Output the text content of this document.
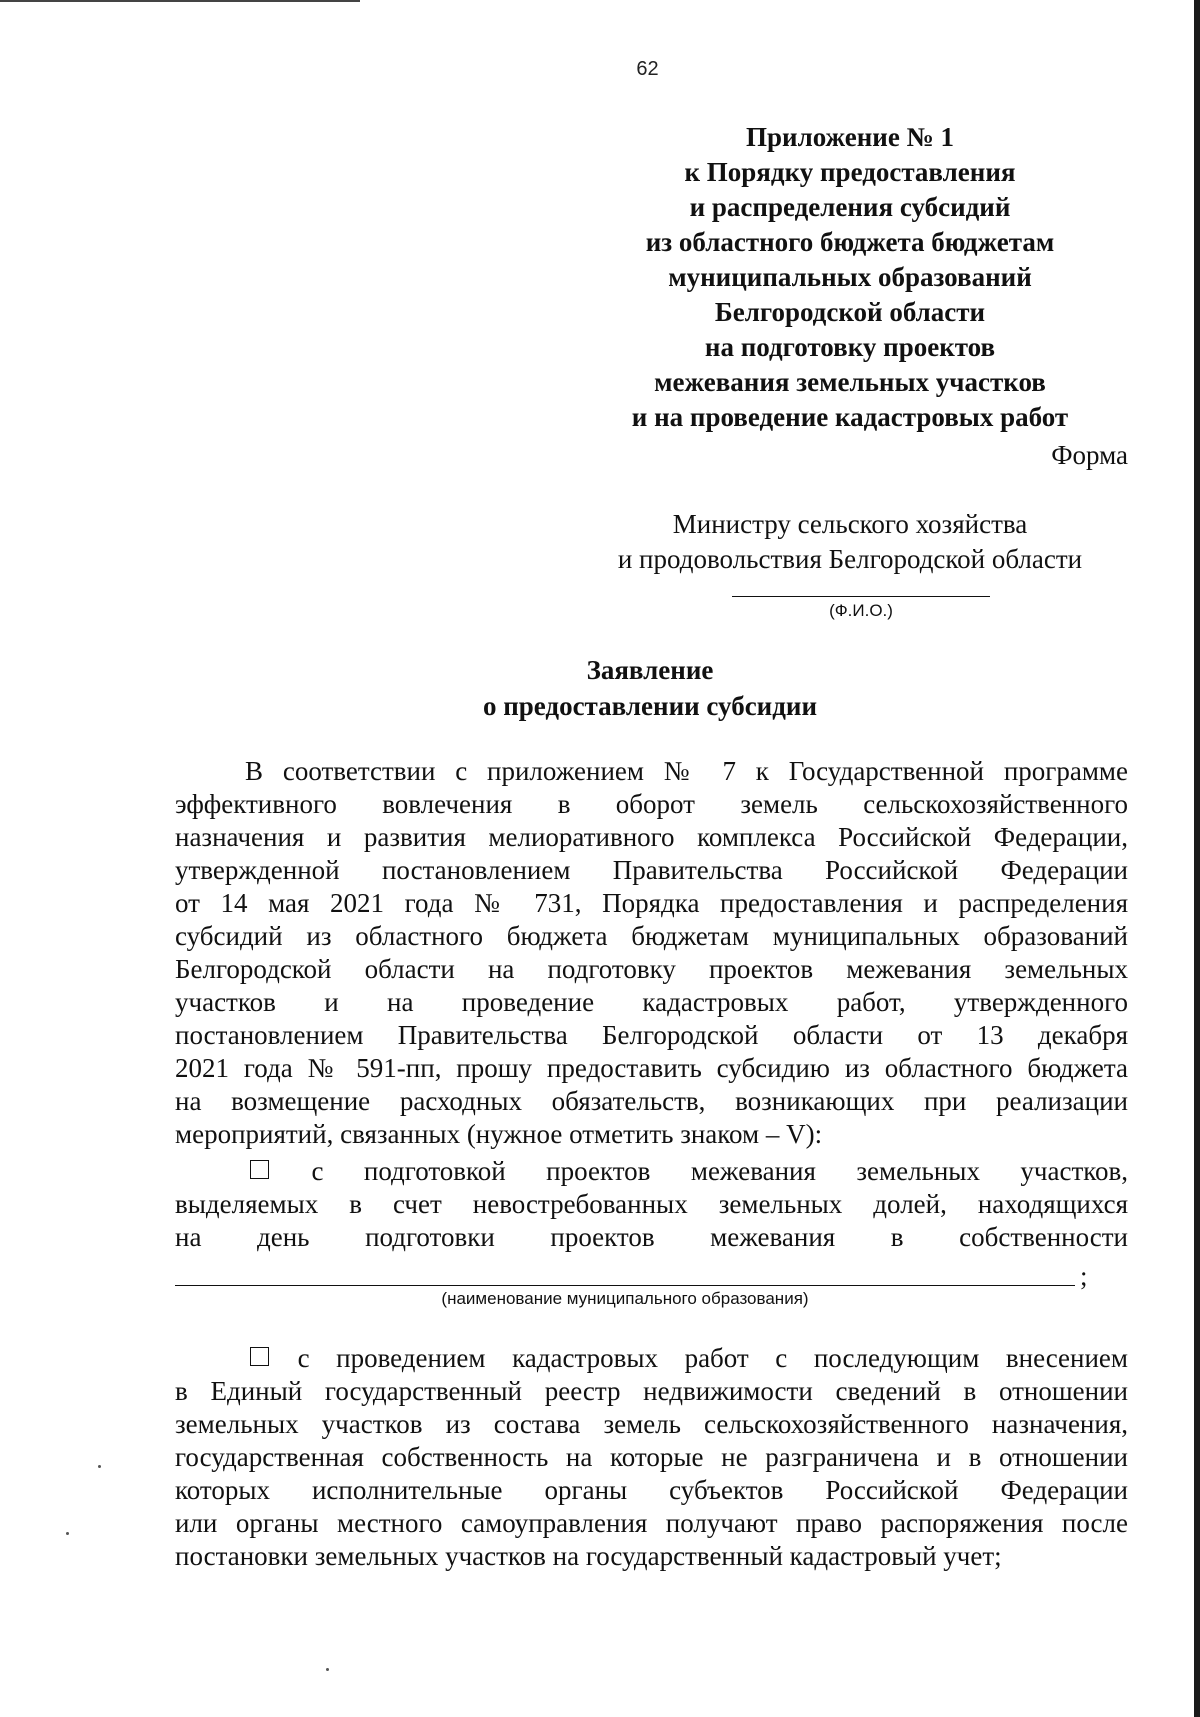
62
Приложение № 1
к Порядку предоставления
и распределения субсидий
из областного бюджета бюджетам
муниципальных образований
Белгородской области
на подготовку проектов
межевания земельных участков
и на проведение кадастровых работ
Форма
Министру сельского хозяйства
и продовольствия Белгородской области
(Ф.И.О.)
Заявление
о предоставлении субсидии
В соответствии с приложением № 7 к Государственной программе
эффективного вовлечения в оборот земель сельскохозяйственного
назначения и развития мелиоративного комплекса Российской Федерации,
утвержденной постановлением Правительства Российской Федерации
от 14 мая 2021 года № 731, Порядка предоставления и распределения
субсидий из областного бюджета бюджетам муниципальных образований
Белгородской области на подготовку проектов межевания земельных
участков и на проведение кадастровых работ, утвержденного
постановлением Правительства Белгородской области от 13 декабря
2021 года № 591-пп, прошу предоставить субсидию из областного бюджета
на возмещение расходных обязательств, возникающих при реализации
мероприятий, связанных (нужное отметить знаком – V):
с подготовкой проектов межевания земельных участков,
выделяемых в счет невостребованных земельных долей, находящихся
на день подготовки проектов межевания в собственности
;
(наименование муниципального образования)
с проведением кадастровых работ с последующим внесением
в Единый государственный реестр недвижимости сведений в отношении
земельных участков из состава земель сельскохозяйственного назначения,
государственная собственность на которые не разграничена и в отношении
которых исполнительные органы субъектов Российской Федерации
или органы местного самоуправления получают право распоряжения после
постановки земельных участков на государственный кадастровый учет;
